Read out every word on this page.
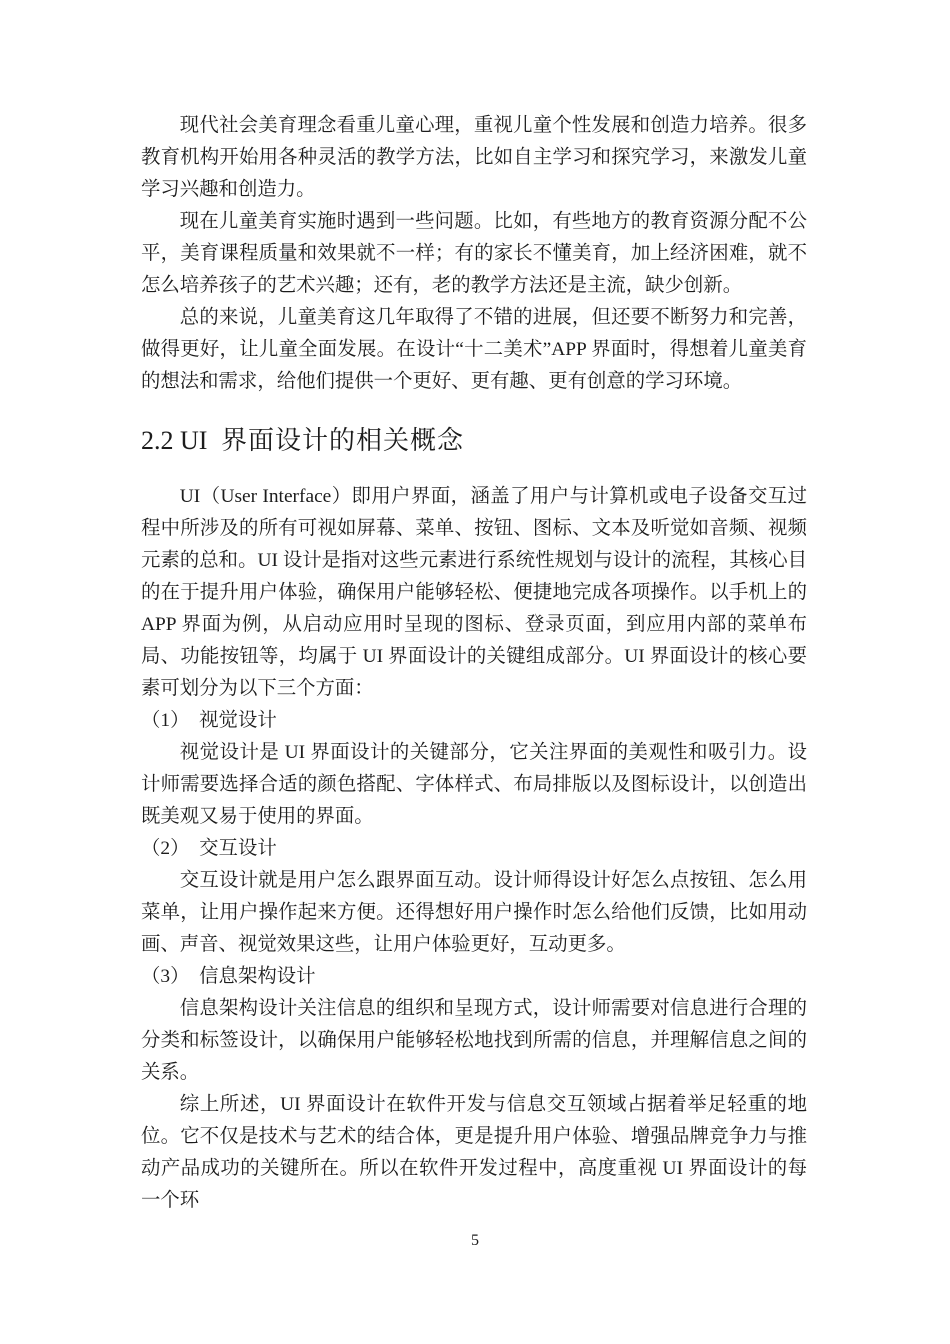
现代社会美育理念看重儿童心理，重视儿童个性发展和创造力培养。很多教育机构开始用各种灵活的教学方法，比如自主学习和探究学习，来激发儿童学习兴趣和创造力。

现在儿童美育实施时遇到一些问题。比如，有些地方的教育资源分配不公平，美育课程质量和效果就不一样；有的家长不懂美育，加上经济困难，就不怎么培养孩子的艺术兴趣；还有，老的教学方法还是主流，缺少创新。

总的来说，儿童美育这几年取得了不错的进展，但还要不断努力和完善，做得更好，让儿童全面发展。在设计“十二美术”APP 界面时，得想着儿童美育的想法和需求，给他们提供一个更好、更有趣、更有创意的学习环境。

2.2 UI 界面设计的相关概念

UI（User Interface）即用户界面，涵盖了用户与计算机或电子设备交互过程中所涉及的所有可视如屏幕、菜单、按钮、图标、文本及听觉如音频、视频元素的总和。UI 设计是指对这些元素进行系统性规划与设计的流程，其核心目的在于提升用户体验，确保用户能够轻松、便捷地完成各项操作。以手机上的 APP 界面为例，从启动应用时呈现的图标、登录页面，到应用内部的菜单布局、功能按钮等，均属于 UI 界面设计的关键组成部分。UI 界面设计的核心要素可划分为以下三个方面：

（1）　视觉设计

视觉设计是 UI 界面设计的关键部分，它关注界面的美观性和吸引力。设计师需要选择合适的颜色搭配、字体样式、布局排版以及图标设计，以创造出既美观又易于使用的界面。

（2）　交互设计

交互设计就是用户怎么跟界面互动。设计师得设计好怎么点按钮、怎么用菜单，让用户操作起来方便。还得想好用户操作时怎么给他们反馈，比如用动画、声音、视觉效果这些，让用户体验更好，互动更多。

（3）　信息架构设计

信息架构设计关注信息的组织和呈现方式，设计师需要对信息进行合理的分类和标签设计，以确保用户能够轻松地找到所需的信息，并理解信息之间的关系。

综上所述，UI 界面设计在软件开发与信息交互领域占据着举足轻重的地位。它不仅是技术与艺术的结合体，更是提升用户体验、增强品牌竞争力与推动产品成功的关键所在。所以在软件开发过程中，高度重视 UI 界面设计的每一个环

5
